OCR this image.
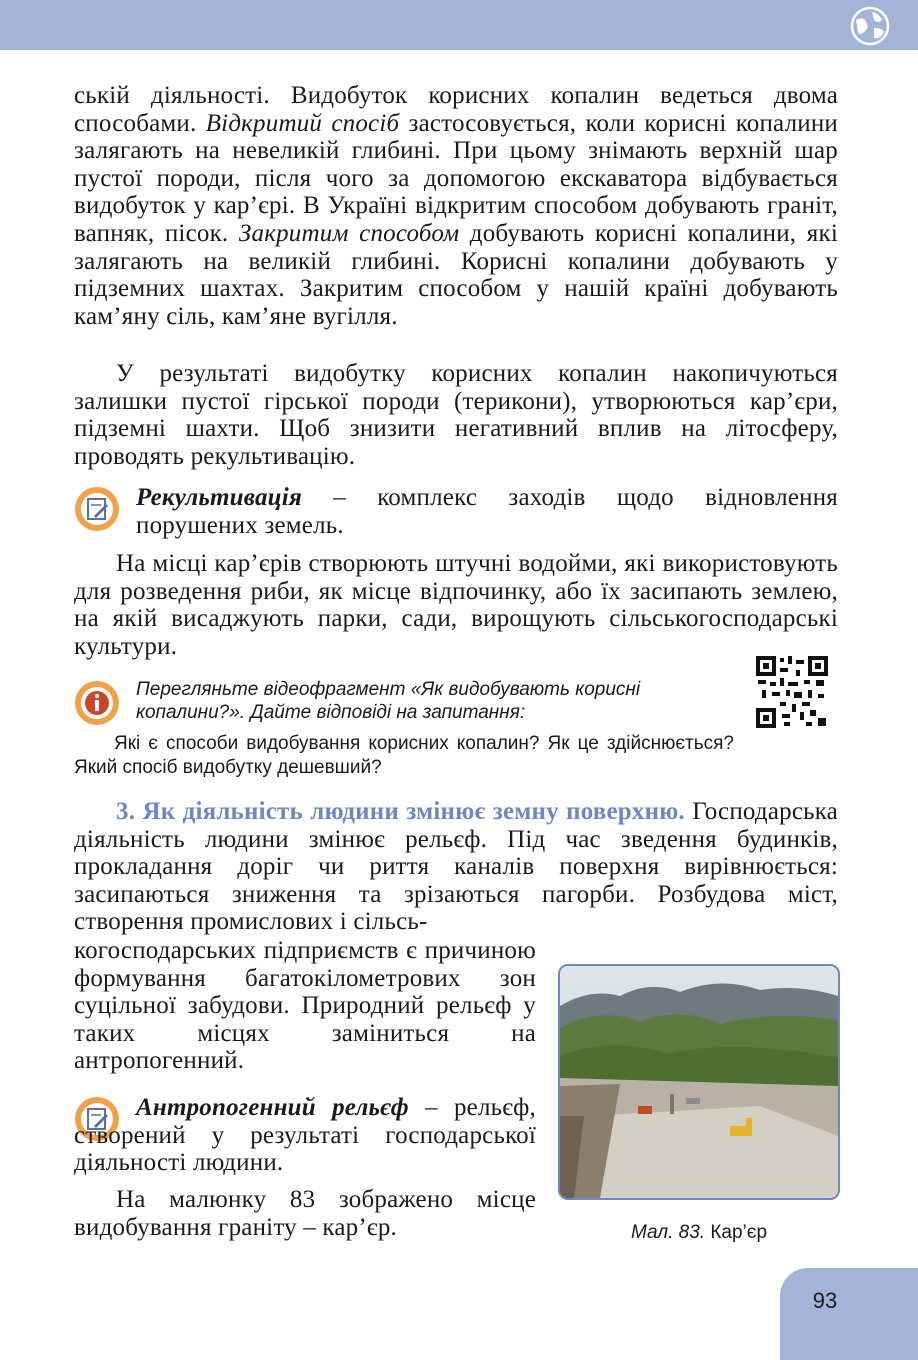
ській діяльності. Видобуток корисних копалин ведеться двома способами. Відкритий спосіб застосовується, коли корисні копалини залягають на невеликій глибині. При цьому знімають верхній шар пустої породи, після чого за допомогою екскаватора відбувається видобуток у кар’єрі. В Україні відкритим способом добувають граніт, вапняк, пісок. Закритим способом добувають корисні копалини, які залягають на великій глибині. Корисні копалини добувають у підземних шахтах. Закритим способом у нашій країні добувають кам’яну сіль, кам’яне вугілля.

У результаті видобутку корисних копалин накопичуються залишки пустої гірської породи (терикони), утворюються кар’єри, підземні шахти. Щоб знизити негативний вплив на літосферу, проводять рекультивацію.

Рекультивація – комплекс заходів щодо відновлення порушених земель.

На місці кар’єрів створюють штучні водойми, які використовують для розведення риби, як місце відпочинку, або їх засипають землею, на якій висаджують парки, сади, вирощують сільськогосподарські культури.

Перегляньте відеофрагмент «Як видобувають корисні копалини?». Дайте відповіді на запитання:

Які є способи видобування корисних копалин? Як це здійснюється? Який спосіб видобутку дешевший?

3. Як діяльність людини змінює земну поверхню. Господарська діяльність людини змінює рельєф. Під час зведення будинків, прокладання доріг чи риття каналів поверхня вирівнюється: засипаються зниження та зрізаються пагорби. Розбудова міст, створення промислових і сільсь-

когосподарських підприємств є причиною формування багатокілометрових зон суцільної забудови. Природний рельєф у таких місцях заміниться на антропогенний.

Антропогенний рельєф – рельєф, створений у результаті господарської діяльності людини.

На малюнку 83 зображено місце видобування граніту – кар’єр.	Мал. 83. Кар’єр
93
